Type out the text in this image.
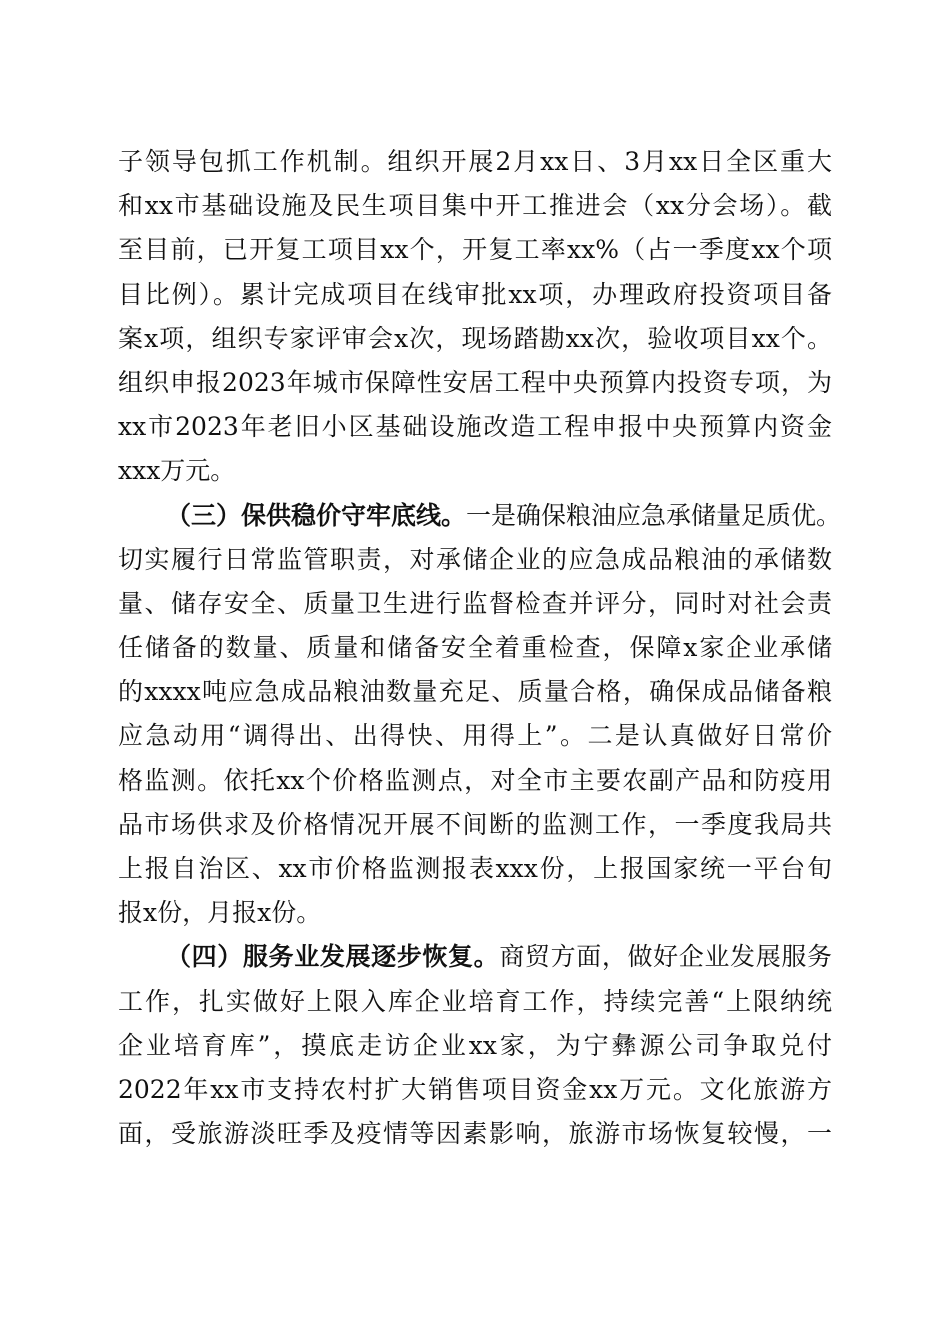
子领导包抓工作机制。组织开展2月xx日、3月xx日全区重大
和xx市基础设施及民生项目集中开工推进会（xx分会场）。截
至目前，已开复工项目xx个，开复工率xx%（占一季度xx个项
目比例）。累计完成项目在线审批xx项，办理政府投资项目备
案x项，组织专家评审会x次，现场踏勘xx次，验收项目xx个。
组织申报2023年城市保障性安居工程中央预算内投资专项，为
xx市2023年老旧小区基础设施改造工程申报中央预算内资金
xxx万元。
（三）保供稳价守牢底线。一是确保粮油应急承储量足质优。
切实履行日常监管职责，对承储企业的应急成品粮油的承储数
量、储存安全、质量卫生进行监督检查并评分，同时对社会责
任储备的数量、质量和储备安全着重检查，保障x家企业承储
的xxxx吨应急成品粮油数量充足、质量合格，确保成品储备粮
应急动用“调得出、出得快、用得上”。二是认真做好日常价
格监测。依托xx个价格监测点，对全市主要农副产品和防疫用
品市场供求及价格情况开展不间断的监测工作，一季度我局共
上报自治区、xx市价格监测报表xxx份，上报国家统一平台旬
报x份，月报x份。
（四）服务业发展逐步恢复。商贸方面，做好企业发展服务
工作，扎实做好上限入库企业培育工作，持续完善“上限纳统
企业培育库”，摸底走访企业xx家，为宁彝源公司争取兑付
2022年xx市支持农村扩大销售项目资金xx万元。文化旅游方
面，受旅游淡旺季及疫情等因素影响，旅游市场恢复较慢，一
